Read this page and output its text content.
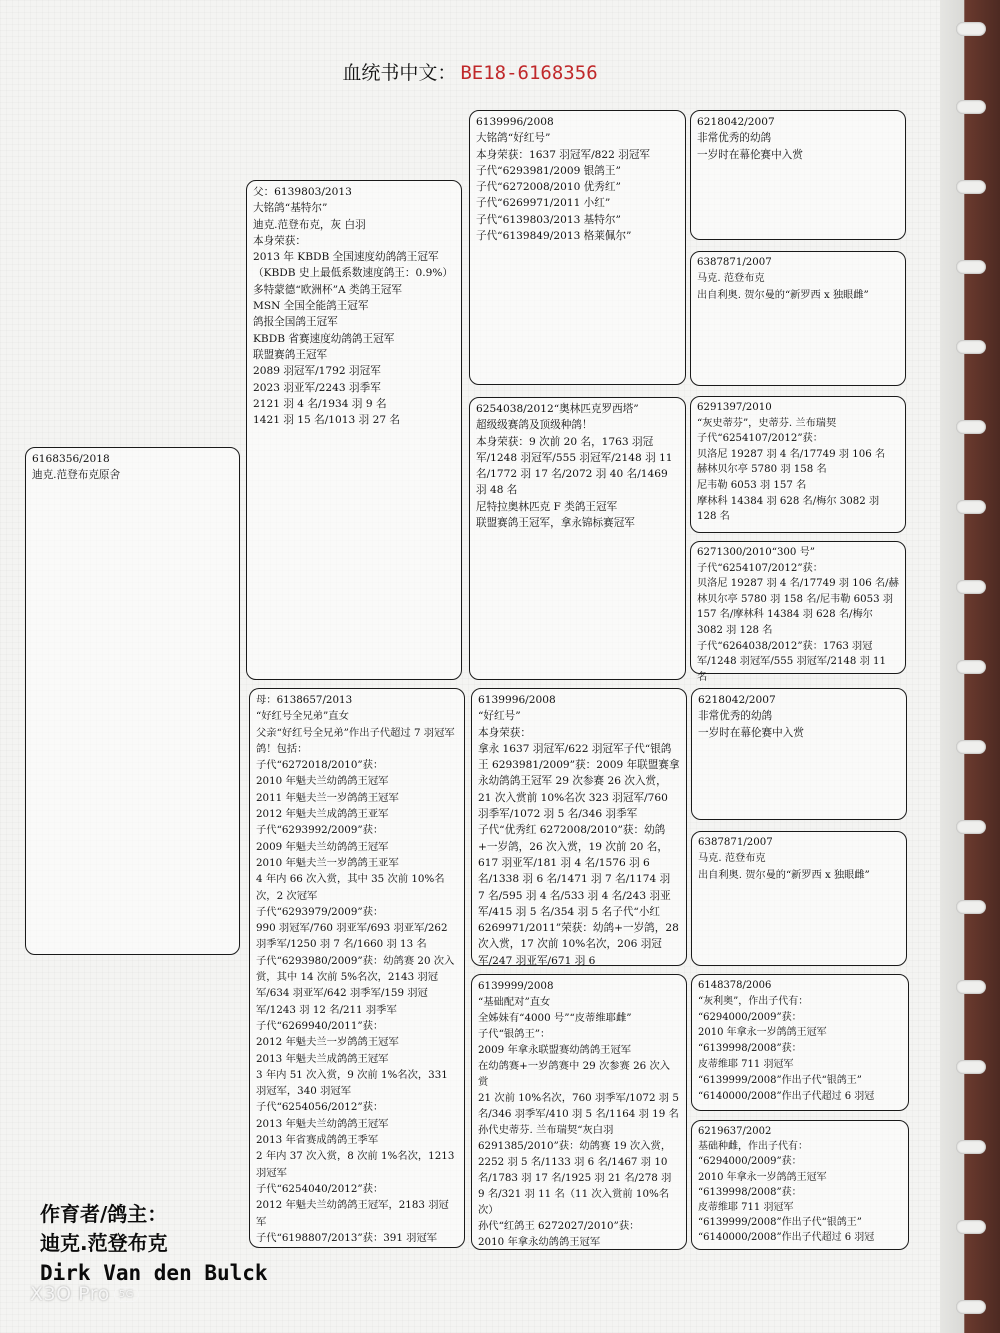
血统书中文： BE18-6168356
6168356/2018
迪克.范登布克原舍
父：6139803/2013
大铭鸽“基特尔”
迪克.范登布克，灰 白羽
本身荣获：
2013 年 KBDB 全国速度幼鸽鸽王冠军
（KBDB 史上最低系数速度鸽王：0.9%）
多特蒙德“欧洲杯”A 类鸽王冠军
MSN 全国全能鸽王冠军
鸽报全国鸽王冠军
KBDB 省赛速度幼鸽鸽王冠军
联盟赛鸽王冠军
2089 羽冠军/1792 羽冠军
2023 羽亚军/2243 羽季军
2121 羽 4 名/1934 羽 9 名
1421 羽 15 名/1013 羽 27 名
母：6138657/2013
“好红号全兄弟”直女
父亲“好红号全兄弟”作出子代超过 7 羽冠军鸽！包括：
子代“6272018/2010”获：
2010 年魁夫兰幼鸽鸽王冠军
2011 年魁夫兰一岁鸽鸽王冠军
2012 年魁夫兰成鸽鸽王亚军
子代“6293992/2009”获：
2009 年魁夫兰幼鸽鸽王冠军
2010 年魁夫兰一岁鸽鸽王亚军
4 年内 66 次入赏，其中 35 次前 10%名次，2 次冠军
子代“6293979/2009”获：
990 羽冠军/760 羽亚军/693 羽亚军/262 羽季军/1250 羽 7 名/1660 羽 13 名
子代“6293980/2009”获：幼鸽赛 20 次入赏，其中 14 次前 5%名次，2143 羽冠军/634 羽亚军/642 羽季军/159 羽冠军/1243 羽 12 名/211 羽季军
子代“6269940/2011”获：
2012 年魁夫兰一岁鸽鸽王冠军
2013 年魁夫兰成鸽鸽王冠军
3 年内 51 次入赏，9 次前 1%名次，331 羽冠军，340 羽冠军
子代“6254056/2012”获：
2013 年魁夫兰幼鸽鸽王冠军
2013 年省赛成鸽鸽王季军
2 年内 37 次入赏，8 次前 1%名次，1213 羽冠军
子代“6254040/2012”获：
2012 年魁夫兰幼鸽鸽王冠军，2183 羽冠军
子代“6198807/2013”获：391 羽冠军
6139996/2008
大铭鸽“好红号”
本身荣获：1637 羽冠军/822 羽冠军
子代“6293981/2009 银鸽王”
子代“6272008/2010 优秀红”
子代“6269971/2011 小红”
子代“6139803/2013 基特尔”
子代“6139849/2013 格莱佩尔”
6254038/2012“奥林匹克罗西塔”
超级级赛鸽及顶级种鸽！
本身荣获：9 次前 20 名，1763 羽冠军/1248 羽冠军/555 羽冠军/2148 羽 11 名/1772 羽 17 名/2072 羽 40 名/1469 羽 48 名
尼特拉奥林匹克 F 类鸽王冠军
联盟赛鸽王冠军，拿永锦标赛冠军
6139996/2008
“好红号”
本身荣获：
拿永 1637 羽冠军/622 羽冠军子代“银鸽王 6293981/2009”获：2009 年联盟赛拿永幼鸽鸽王冠军 29 次参赛 26 次入赏，21 次入赏前 10%名次 323 羽冠军/760 羽季军/1072 羽 5 名/346 羽季军
子代“优秀红 6272008/2010”获：幼鸽+一岁鸽，26 次入赏，19 次前 20 名，617 羽亚军/181 羽 4 名/1576 羽 6 名/1338 羽 6 名/1471 羽 7 名/1174 羽 7 名/595 羽 4 名/533 羽 4 名/243 羽亚军/415 羽 5 名/354 羽 5 名子代“小红 6269971/2011”荣获：幼鸽+一岁鸽，28 次入赏，17 次前 10%名次，206 羽冠军/247 羽亚军/671 羽 6
6139999/2008
“基础配对”直女
全姊妹有“4000 号”“皮蒂维耶雌”
子代“银鸽王”：
2009 年拿永联盟赛幼鸽鸽王冠军
在幼鸽赛+一岁鸽赛中 29 次参赛 26 次入赏
21 次前 10%名次，760 羽季军/1072 羽 5 名/346 羽季军/410 羽 5 名/1164 羽 19 名
孙代史蒂芬. 兰布瑞契“灰白羽 6291385/2010”获：幼鸽赛 19 次入赏，2252 羽 5 名/1133 羽 6 名/1467 羽 10 名/1783 羽 17 名/1925 羽 21 名/278 羽 9 名/321 羽 11 名（11 次入赏前 10%名次）
孙代“红鸽王 6272027/2010”获：
2010 年拿永幼鸽鸽王冠军
6218042/2007
非常优秀的幼鸽
一岁时在幕伦赛中入赏
6387871/2007
马克. 范登布克
出自利奥. 贺尔曼的“新罗西 x 独眼雌”
6291397/2010
“灰史蒂芬”，史蒂芬. 兰布瑞契
子代“6254107/2012”获：
贝洛尼 19287 羽 4 名/17749 羽 106 名
赫林贝尔亭 5780 羽 158 名
尼韦勒 6053 羽 157 名
摩林科 14384 羽 628 名/梅尔 3082 羽 128 名
6271300/2010“300 号”
子代“6254107/2012”获：
贝洛尼 19287 羽 4 名/17749 羽 106 名/赫林贝尔亭 5780 羽 158 名/尼韦勒 6053 羽 157 名/摩林科 14384 羽 628 名/梅尔 3082 羽 128 名
子代“6264038/2012”获：1763 羽冠军/1248 羽冠军/555 羽冠军/2148 羽 11 名
6218042/2007
非常优秀的幼鸽
一岁时在幕伦赛中入赏
6387871/2007
马克. 范登布克
出自利奥. 贺尔曼的“新罗西 x 独眼雌”
6148378/2006
“灰利奥”，作出子代有：
“6294000/2009”获：
2010 年拿永一岁鸽鸽王冠军
“6139998/2008”获：
皮蒂维耶 711 羽冠军
“6139999/2008”作出子代“银鸽王”
“6140000/2008”作出子代超过 6 羽冠
6219637/2002
基础种雌，作出子代有：
“6294000/2009”获：
2010 年拿永一岁鸽鸽王冠军
“6139998/2008”获：
皮蒂维耶 711 羽冠军
“6139999/2008”作出子代“银鸽王”
“6140000/2008”作出子代超过 6 羽冠
作育者/鸽主：
迪克.范登布克
Dirk Van den Bulck
X3O Pro 5G
